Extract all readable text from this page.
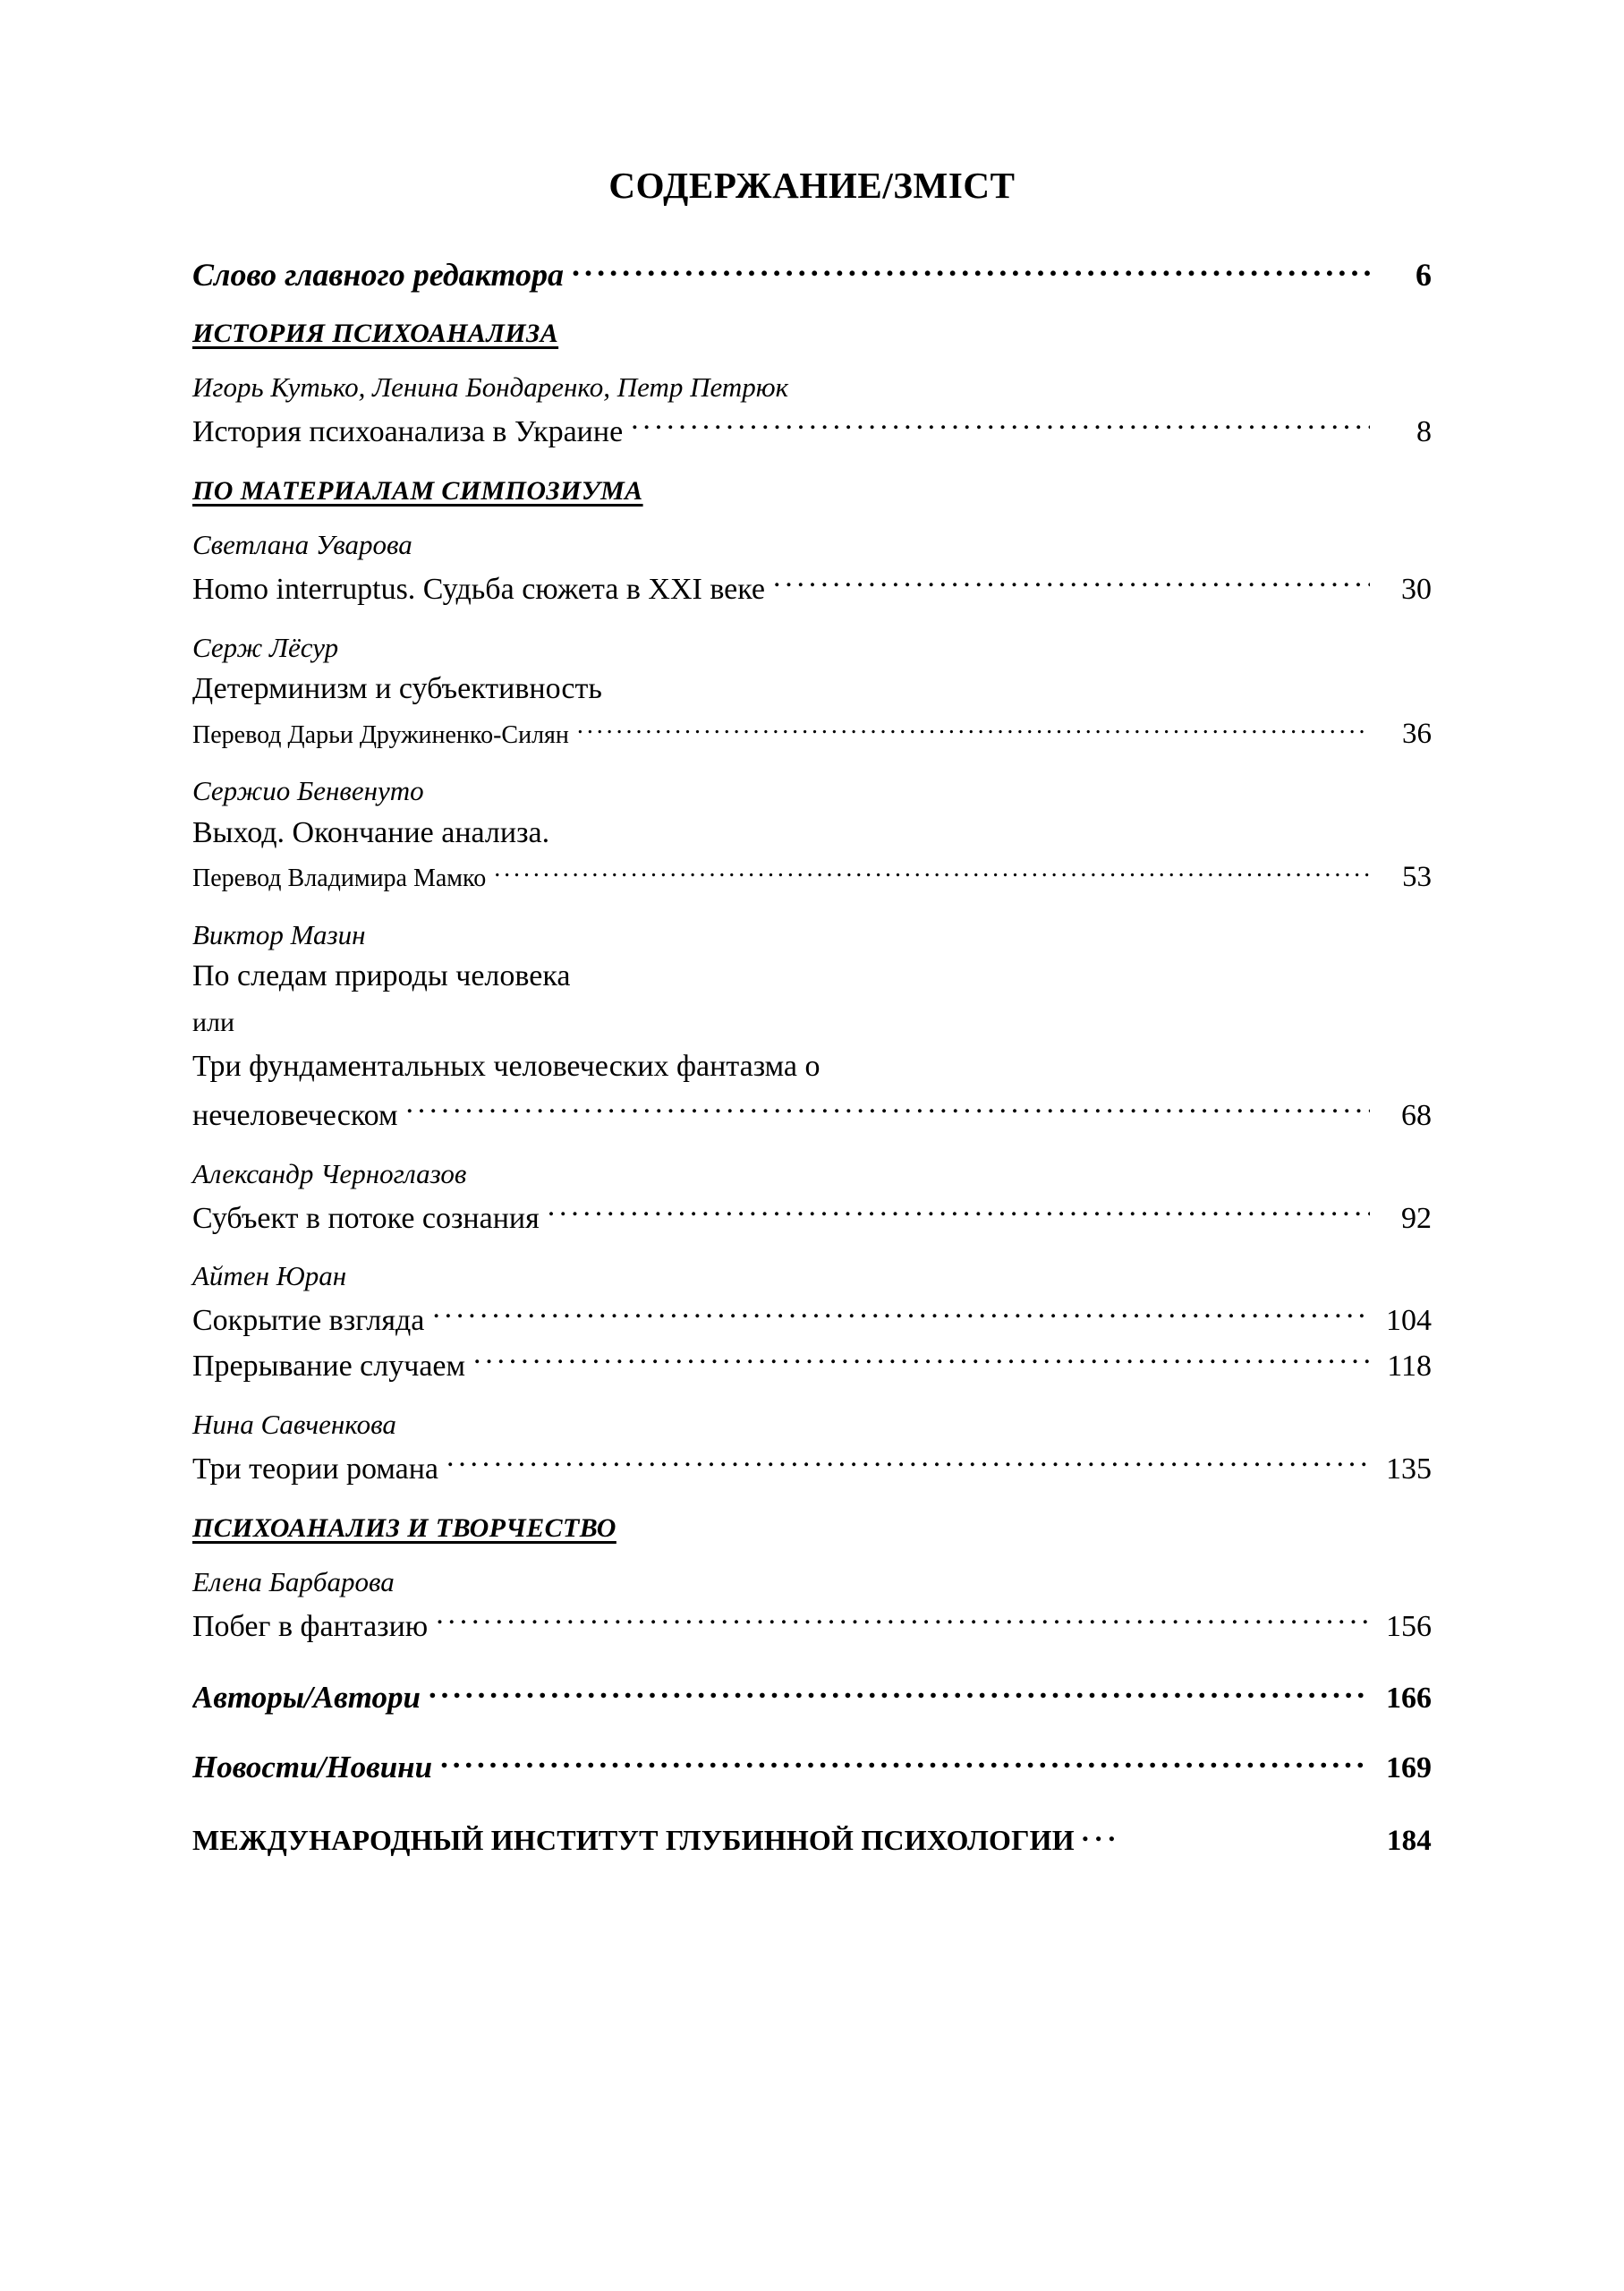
СОДЕРЖАНИЕ/ЗМІСТ
Слово главного редактора . . .	6
ИСТОРИЯ ПСИХОАНАЛИЗА
Игорь Кутько, Ленина Бондаренко, Петр Петрюк
История психоанализа в Украине . . .	8
ПО МАТЕРИАЛАМ СИМПОЗИУМА
Светлана Уварова
Homo interruptus. Судьба сюжета в XXI веке . . .	30
Серж Лёсур
Детерминизм и субъективность
Перевод Дарьи Дружиненко-Силян . . .	36
Сержио Бенвенуто
Выход. Окончание анализа.
Перевод Владимира Мамко . . .	53
Виктор Мазин
По следам природы человека
или
Три фундаментальных человеческих фантазма о
нечеловеческом . . .	68
Александр Черноглазов
Субъект в потоке сознания . . .	92
Айтен Юран
Сокрытие взгляда . . .	104
Прерывание случаем . . .	118
Нина Савченкова
Три теории романа . . .	135
ПСИХОАНАЛИЗ И ТВОРЧЕСТВО
Елена Барбарова
Побег в фантазию . . .	156
Авторы/Автори . . .	166
Новости/Новини . . .	169
МЕЖДУНАРОДНЫЙ ИНСТИТУТ ГЛУБИННОЙ ПСИХОЛОГИИ . . .	184
